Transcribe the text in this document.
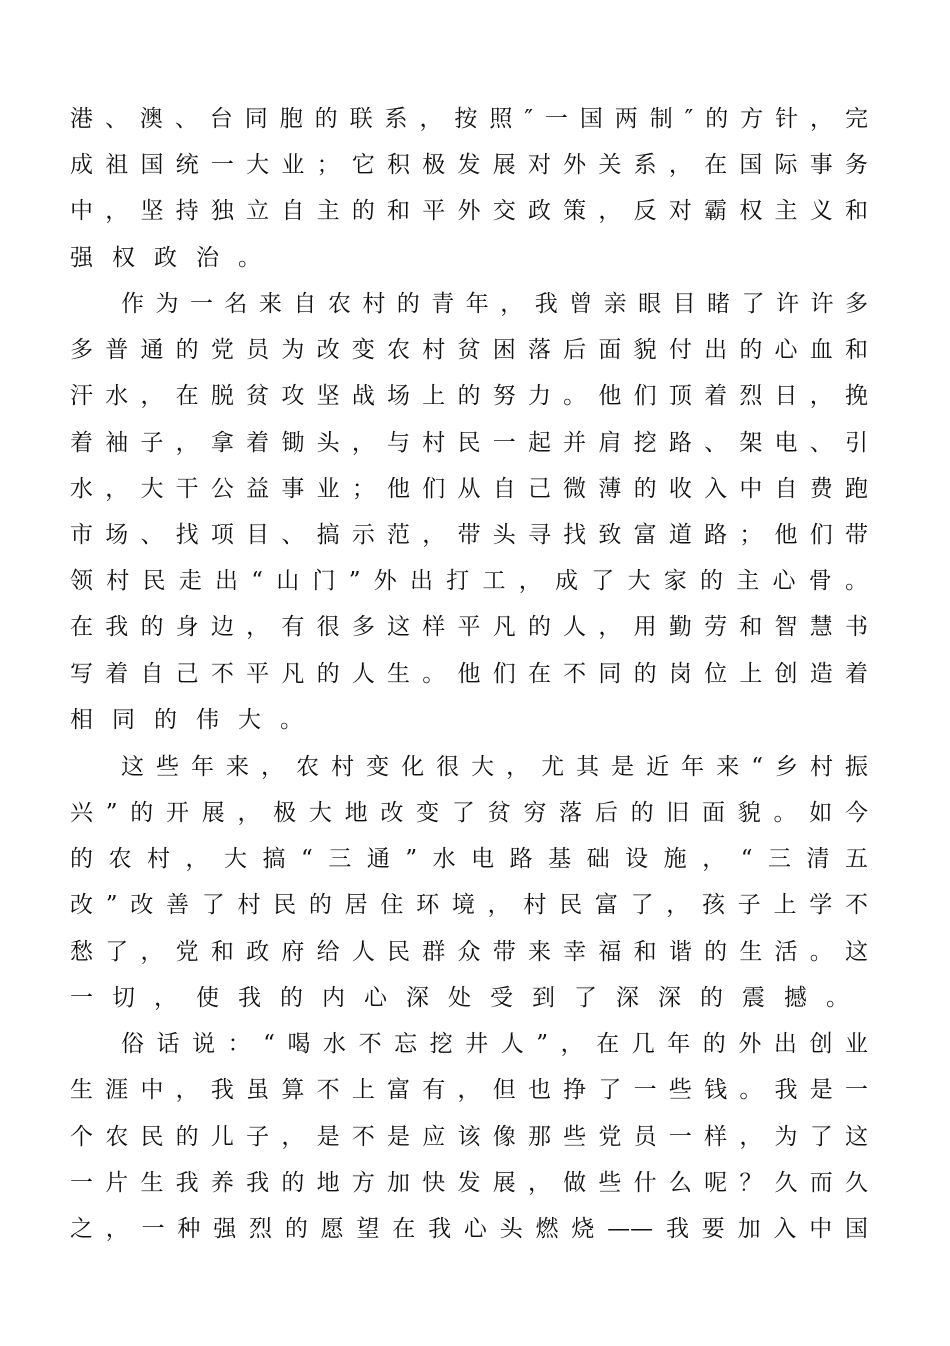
港、澳、台同胞的联系，按照″一国两制″的方针，完
成祖国统一大业；它积极发展对外关系，在国际事务
中，坚持独立自主的和平外交政策，反对霸权主义和
强权政治。
作为一名来自农村的青年，我曾亲眼目睹了许许多
多普通的党员为改变农村贫困落后面貌付出的心血和
汗水，在脱贫攻坚战场上的努力。他们顶着烈日，挽
着袖子，拿着锄头，与村民一起并肩挖路、架电、引
水，大干公益事业；他们从自己微薄的收入中自费跑
市场、找项目、搞示范，带头寻找致富道路；他们带
领村民走出“山门”外出打工，成了大家的主心骨。
在我的身边，有很多这样平凡的人，用勤劳和智慧书
写着自己不平凡的人生。他们在不同的岗位上创造着
相同的伟大。
这些年来，农村变化很大，尤其是近年来“乡村振
兴”的开展，极大地改变了贫穷落后的旧面貌。如今
的农村，大搞“三通”水电路基础设施，“三清五
改”改善了村民的居住环境，村民富了，孩子上学不
愁了，党和政府给人民群众带来幸福和谐的生活。这
一切，使我的内心深处受到了深深的震撼。
俗话说：“喝水不忘挖井人”，在几年的外出创业
生涯中，我虽算不上富有，但也挣了一些钱。我是一
个农民的儿子，是不是应该像那些党员一样，为了这
一片生我养我的地方加快发展，做些什么呢？久而久
之，一种强烈的愿望在我心头燃烧——我要加入中国
